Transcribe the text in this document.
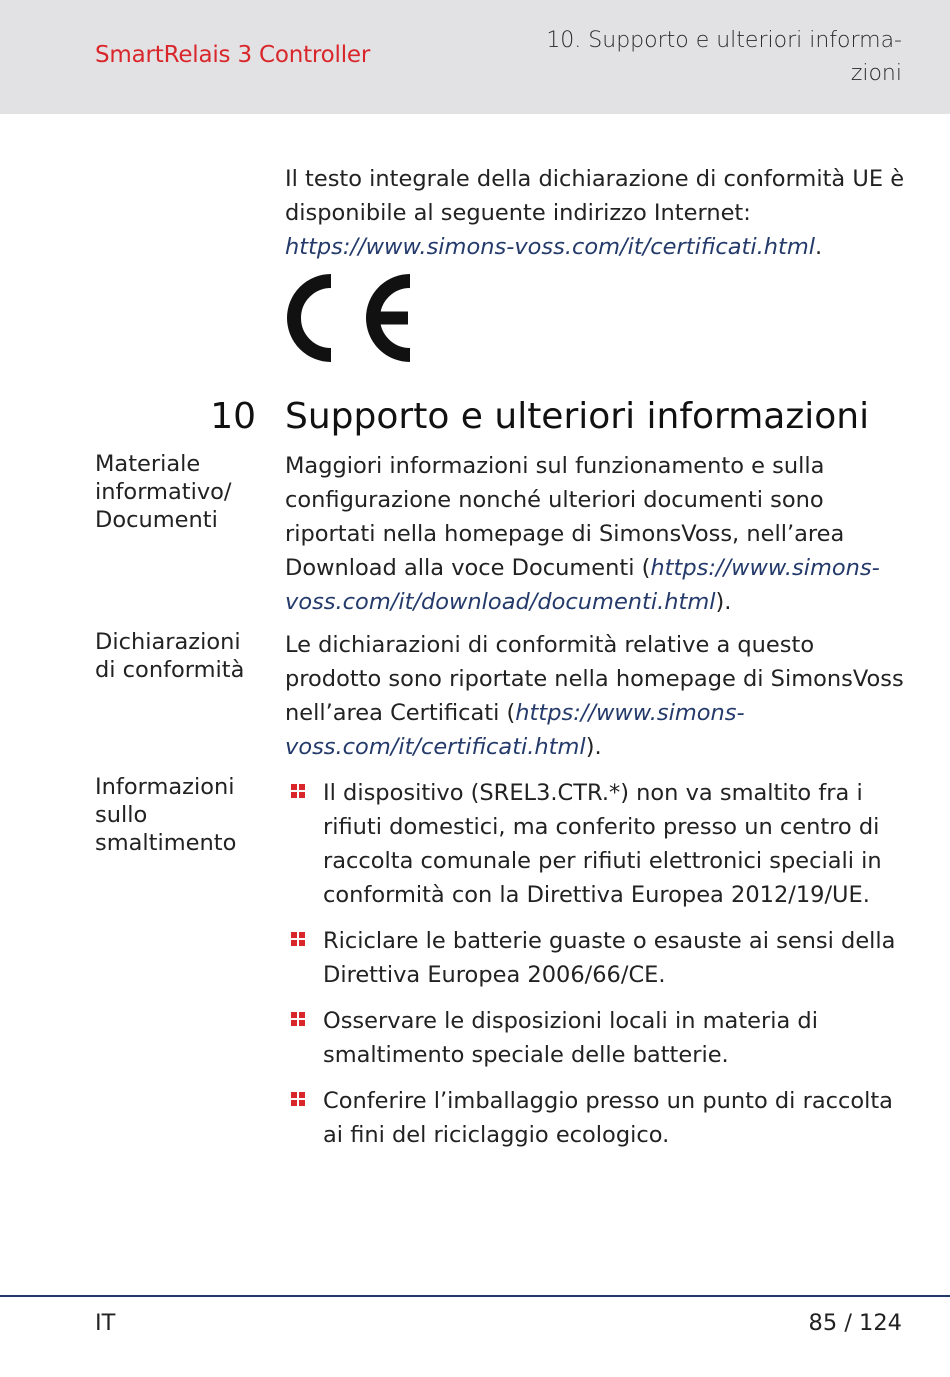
SmartRelais 3 Controller
10. Supporto e ulteriori informa-
zioni
Il testo integrale della dichiarazione di conformità UE è disponibile al seguente indirizzo Internet: https://www.simons-voss.com/it/certificati.html.
10 Supporto e ulteriori informazioni
Materiale informativo/ Documenti
Maggiori informazioni sul funzionamento e sulla configurazione nonché ulteriori documenti sono riportati nella homepage di SimonsVoss, nell’area Download alla voce Documenti (https://www.simons-voss.com/it/download/documenti.html).
Dichiarazioni di conformità
Le dichiarazioni di conformità relative a questo prodotto sono riportate nella homepage di SimonsVoss nell’area Certificati (https://www.simons-voss.com/it/certificati.html).
Informazioni sullo smaltimento
Il dispositivo (SREL3.CTR.*) non va smaltito fra i rifiuti domestici, ma conferito presso un centro di raccolta comunale per rifiuti elettronici speciali in conformità con la Direttiva Europea 2012/19/UE.
Riciclare le batterie guaste o esauste ai sensi della Direttiva Europea 2006/66/CE.
Osservare le disposizioni locali in materia di smaltimento speciale delle batterie.
Conferire l’imballaggio presso un punto di raccolta ai fini del riciclaggio ecologico.
IT	85 / 124
